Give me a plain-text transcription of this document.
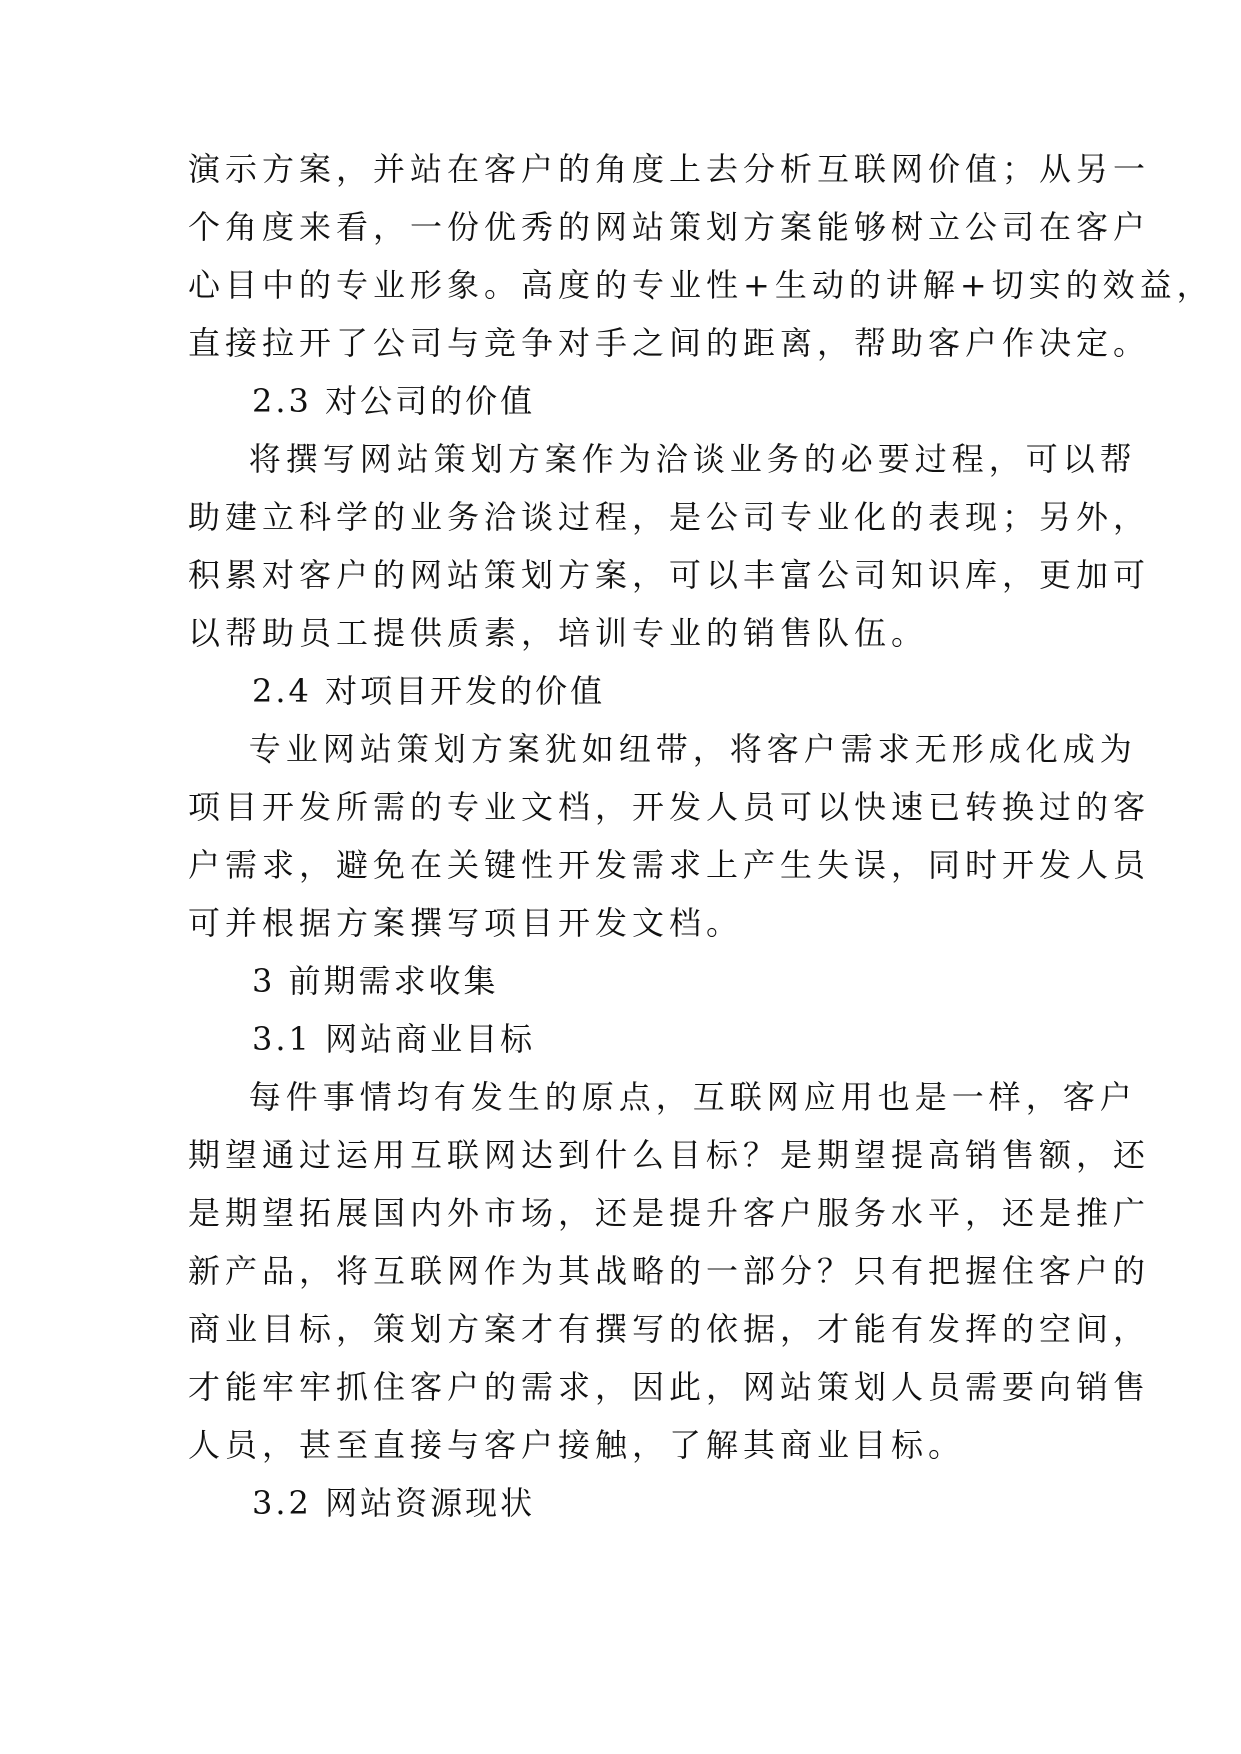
演示方案，并站在客户的角度上去分析互联网价值；从另一
个角度来看，一份优秀的网站策划方案能够树立公司在客户
心目中的专业形象。高度的专业性+生动的讲解+切实的效益，
直接拉开了公司与竞争对手之间的距离，帮助客户作决定。
2.3 对公司的价值
将撰写网站策划方案作为洽谈业务的必要过程，可以帮
助建立科学的业务洽谈过程，是公司专业化的表现；另外，
积累对客户的网站策划方案，可以丰富公司知识库，更加可
以帮助员工提供质素，培训专业的销售队伍。
2.4 对项目开发的价值
专业网站策划方案犹如纽带，将客户需求无形成化成为
项目开发所需的专业文档，开发人员可以快速已转换过的客
户需求，避免在关键性开发需求上产生失误，同时开发人员
可并根据方案撰写项目开发文档。
3 前期需求收集
3.1 网站商业目标
每件事情均有发生的原点，互联网应用也是一样，客户
期望通过运用互联网达到什么目标？是期望提高销售额，还
是期望拓展国内外市场，还是提升客户服务水平，还是推广
新产品，将互联网作为其战略的一部分？只有把握住客户的
商业目标，策划方案才有撰写的依据，才能有发挥的空间，
才能牢牢抓住客户的需求，因此，网站策划人员需要向销售
人员，甚至直接与客户接触，了解其商业目标。
3.2 网站资源现状
